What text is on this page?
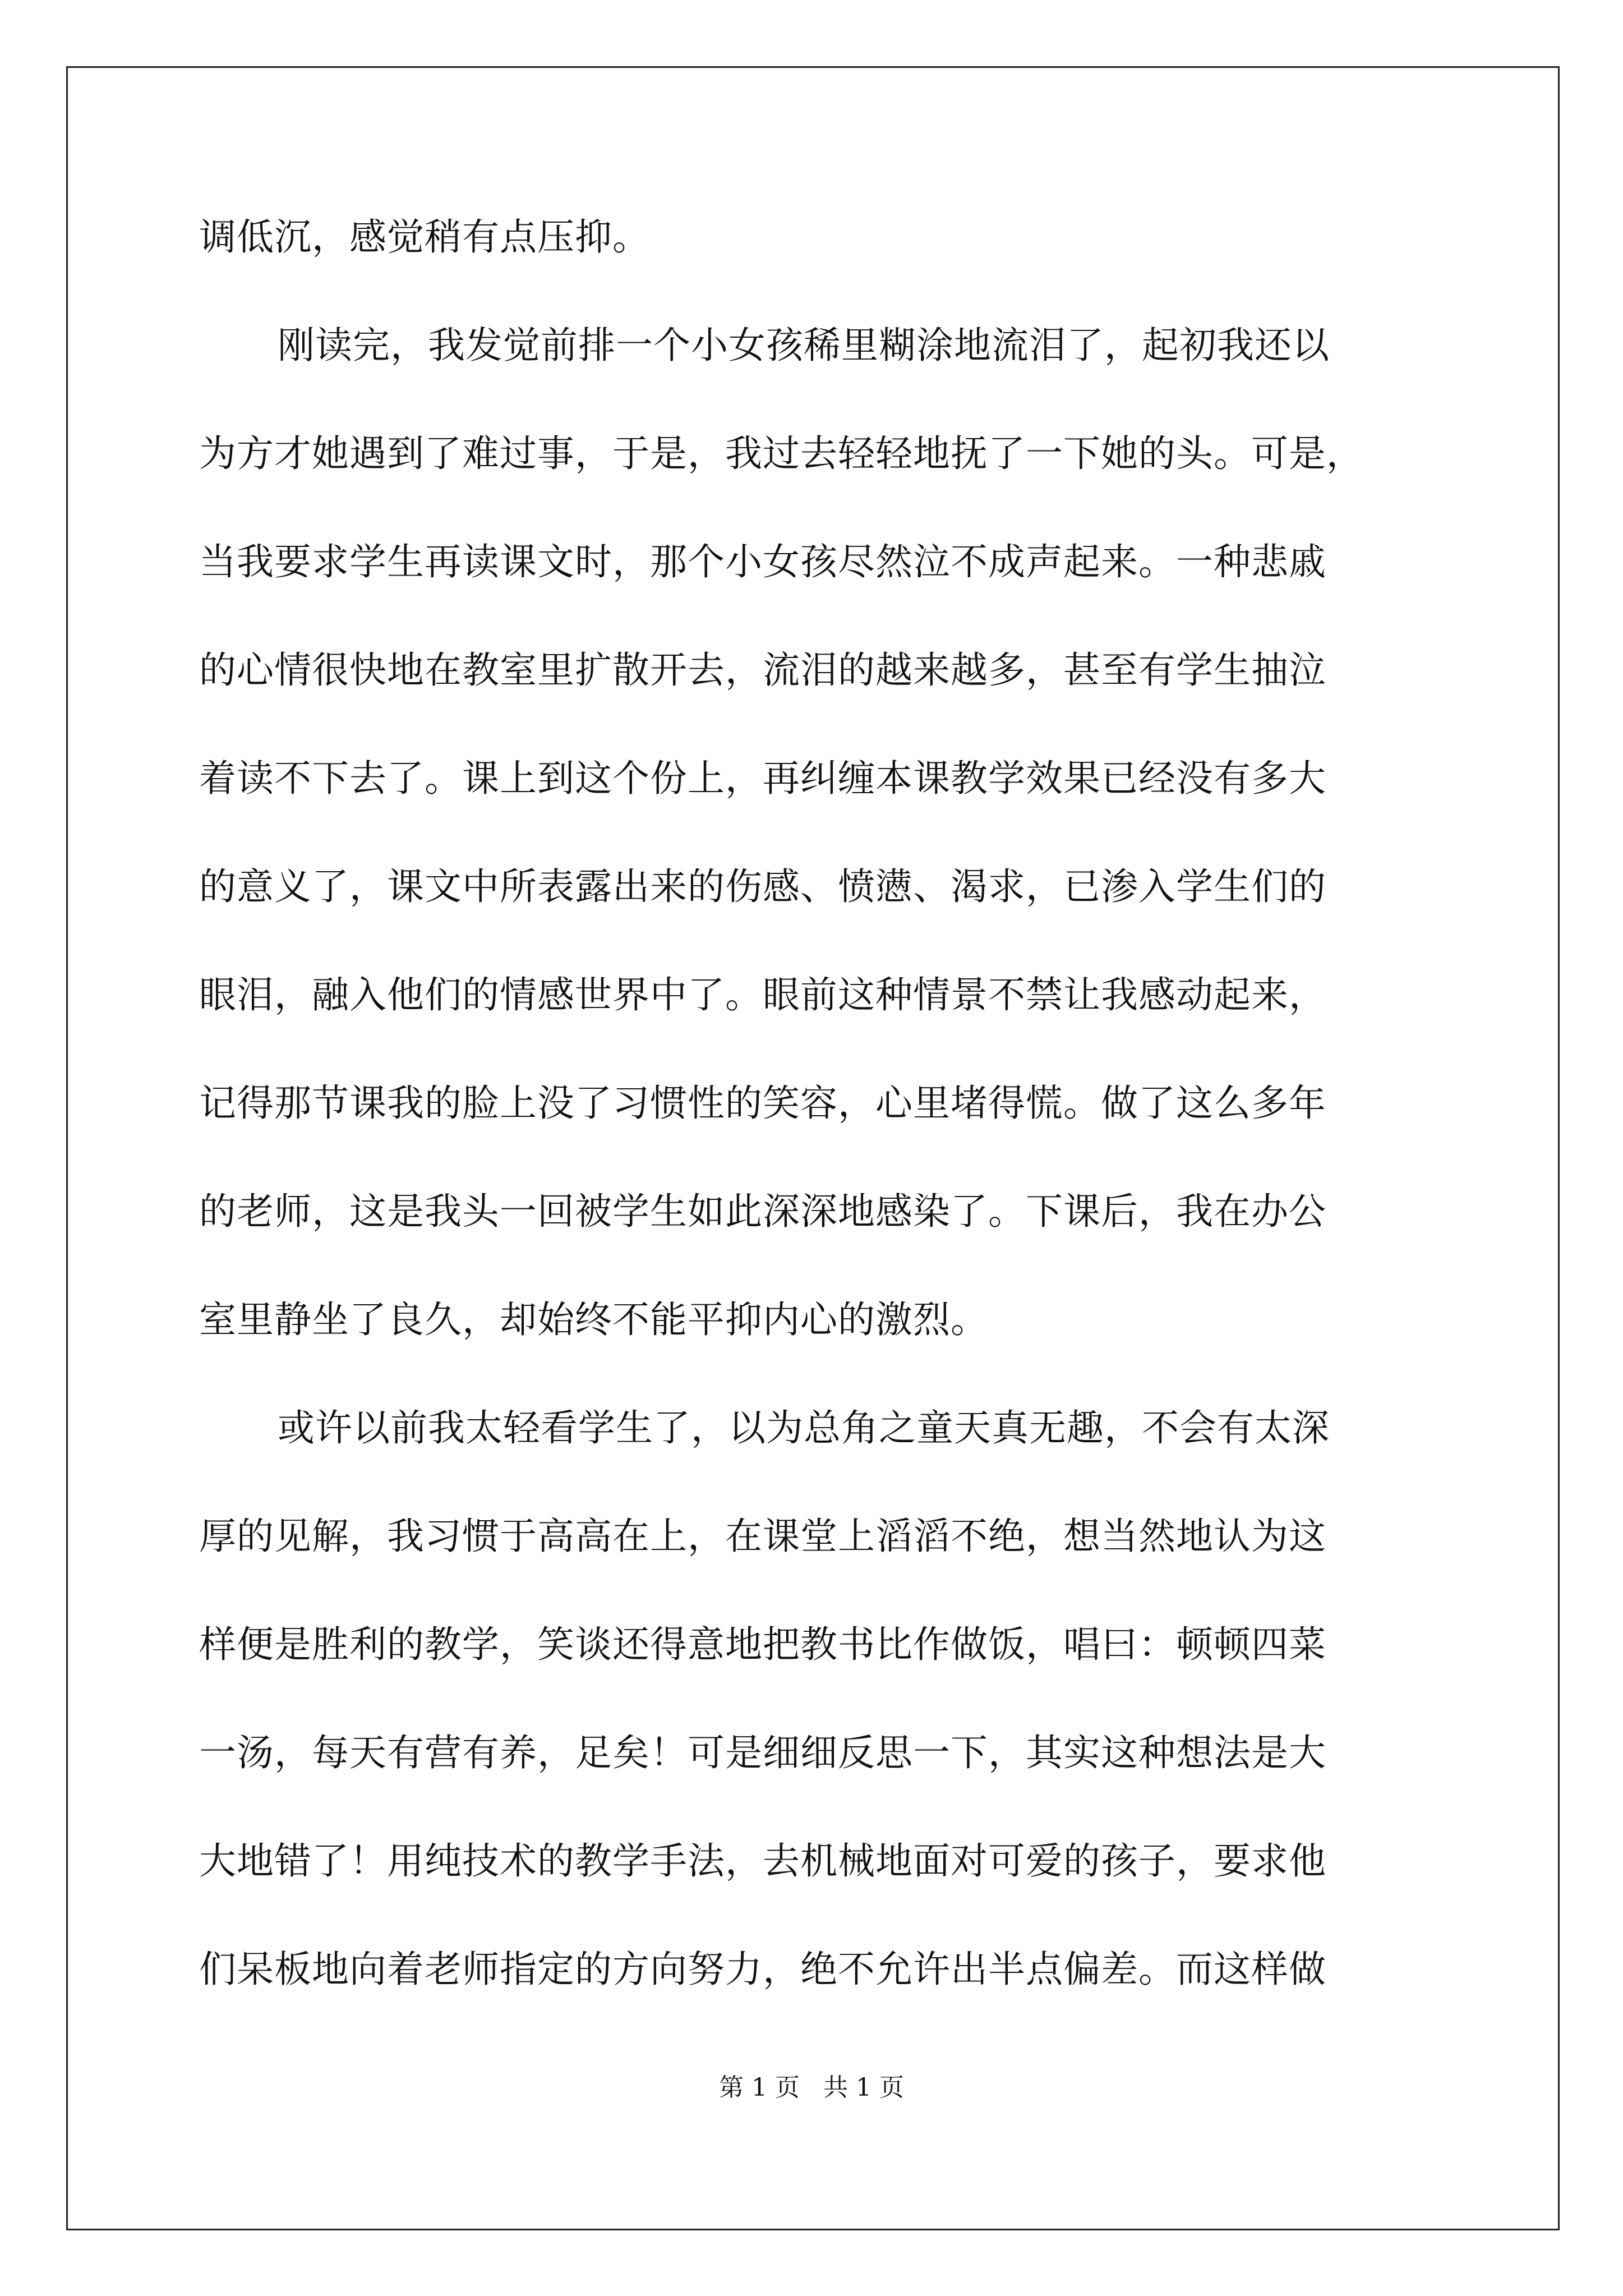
调低沉，感觉稍有点压抑。
刚读完，我发觉前排一个小女孩稀里糊涂地流泪了，起初我还以
为方才她遇到了难过事，于是，我过去轻轻地抚了一下她的头。可是，
当我要求学生再读课文时，那个小女孩尽然泣不成声起来。一种悲戚
的心情很快地在教室里扩散开去，流泪的越来越多，甚至有学生抽泣
着读不下去了。课上到这个份上，再纠缠本课教学效果已经没有多大
的意义了，课文中所表露出来的伤感、愤懑、渴求，已渗入学生们的
眼泪，融入他们的情感世界中了。眼前这种情景不禁让我感动起来，
记得那节课我的脸上没了习惯性的笑容，心里堵得慌。做了这么多年
的老师，这是我头一回被学生如此深深地感染了。下课后，我在办公
室里静坐了良久，却始终不能平抑内心的激烈。
或许以前我太轻看学生了，以为总角之童天真无趣，不会有太深
厚的见解，我习惯于高高在上，在课堂上滔滔不绝，想当然地认为这
样便是胜利的教学，笑谈还得意地把教书比作做饭，唱曰：顿顿四菜
一汤，每天有营有养，足矣！可是细细反思一下，其实这种想法是大
大地错了！用纯技术的教学手法，去机械地面对可爱的孩子，要求他
们呆板地向着老师指定的方向努力，绝不允许出半点偏差。而这样做
第 1 页   共 1 页
